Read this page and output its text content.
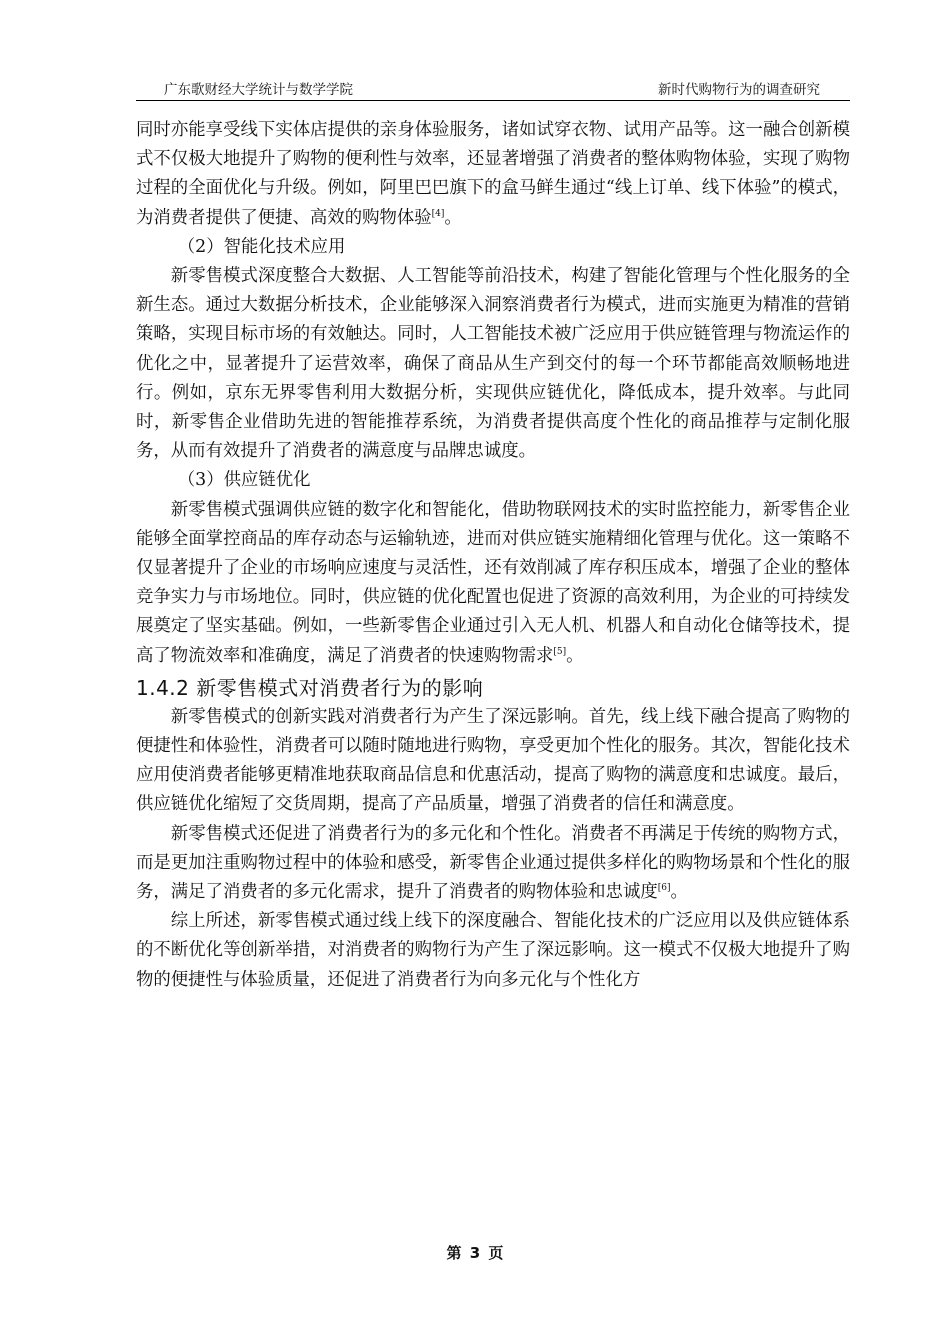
广东歌财经大学统计与数学学院	新时代购物行为的调查研究

同时亦能享受线下实体店提供的亲身体验服务，诸如试穿衣物、试用产品等。这一融合创新模式不仅极大地提升了购物的便利性与效率，还显著增强了消费者的整体购物体验，实现了购物过程的全面优化与升级。例如，阿里巴巴旗下的盒马鲜生通过“线上订单、线下体验”的模式，为消费者提供了便捷、高效的购物体验[4]。

（2）智能化技术应用

新零售模式深度整合大数据、人工智能等前沿技术，构建了智能化管理与个性化服务的全新生态。通过大数据分析技术，企业能够深入洞察消费者行为模式，进而实施更为精准的营销策略，实现目标市场的有效触达。同时，人工智能技术被广泛应用于供应链管理与物流运作的优化之中，显著提升了运营效率，确保了商品从生产到交付的每一个环节都能高效顺畅地进行。例如，京东无界零售利用大数据分析，实现供应链优化，降低成本，提升效率。与此同时，新零售企业借助先进的智能推荐系统，为消费者提供高度个性化的商品推荐与定制化服务，从而有效提升了消费者的满意度与品牌忠诚度。

（3）供应链优化

新零售模式强调供应链的数字化和智能化，借助物联网技术的实时监控能力，新零售企业能够全面掌控商品的库存动态与运输轨迹，进而对供应链实施精细化管理与优化。这一策略不仅显著提升了企业的市场响应速度与灵活性，还有效削减了库存积压成本，增强了企业的整体竞争实力与市场地位。同时，供应链的优化配置也促进了资源的高效利用，为企业的可持续发展奠定了坚实基础。例如，一些新零售企业通过引入无人机、机器人和自动化仓储等技术，提高了物流效率和准确度，满足了消费者的快速购物需求[5]。

1.4.2 新零售模式对消费者行为的影响

新零售模式的创新实践对消费者行为产生了深远影响。首先，线上线下融合提高了购物的便捷性和体验性，消费者可以随时随地进行购物，享受更加个性化的服务。其次，智能化技术应用使消费者能够更精准地获取商品信息和优惠活动，提高了购物的满意度和忠诚度。最后，供应链优化缩短了交货周期，提高了产品质量，增强了消费者的信任和满意度。

新零售模式还促进了消费者行为的多元化和个性化。消费者不再满足于传统的购物方式，而是更加注重购物过程中的体验和感受，新零售企业通过提供多样化的购物场景和个性化的服务，满足了消费者的多元化需求，提升了消费者的购物体验和忠诚度[6]。

综上所述，新零售模式通过线上线下的深度融合、智能化技术的广泛应用以及供应链体系的不断优化等创新举措，对消费者的购物行为产生了深远影响。这一模式不仅极大地提升了购物的便捷性与体验质量，还促进了消费者行为向多元化与个性化方

第 3 页
